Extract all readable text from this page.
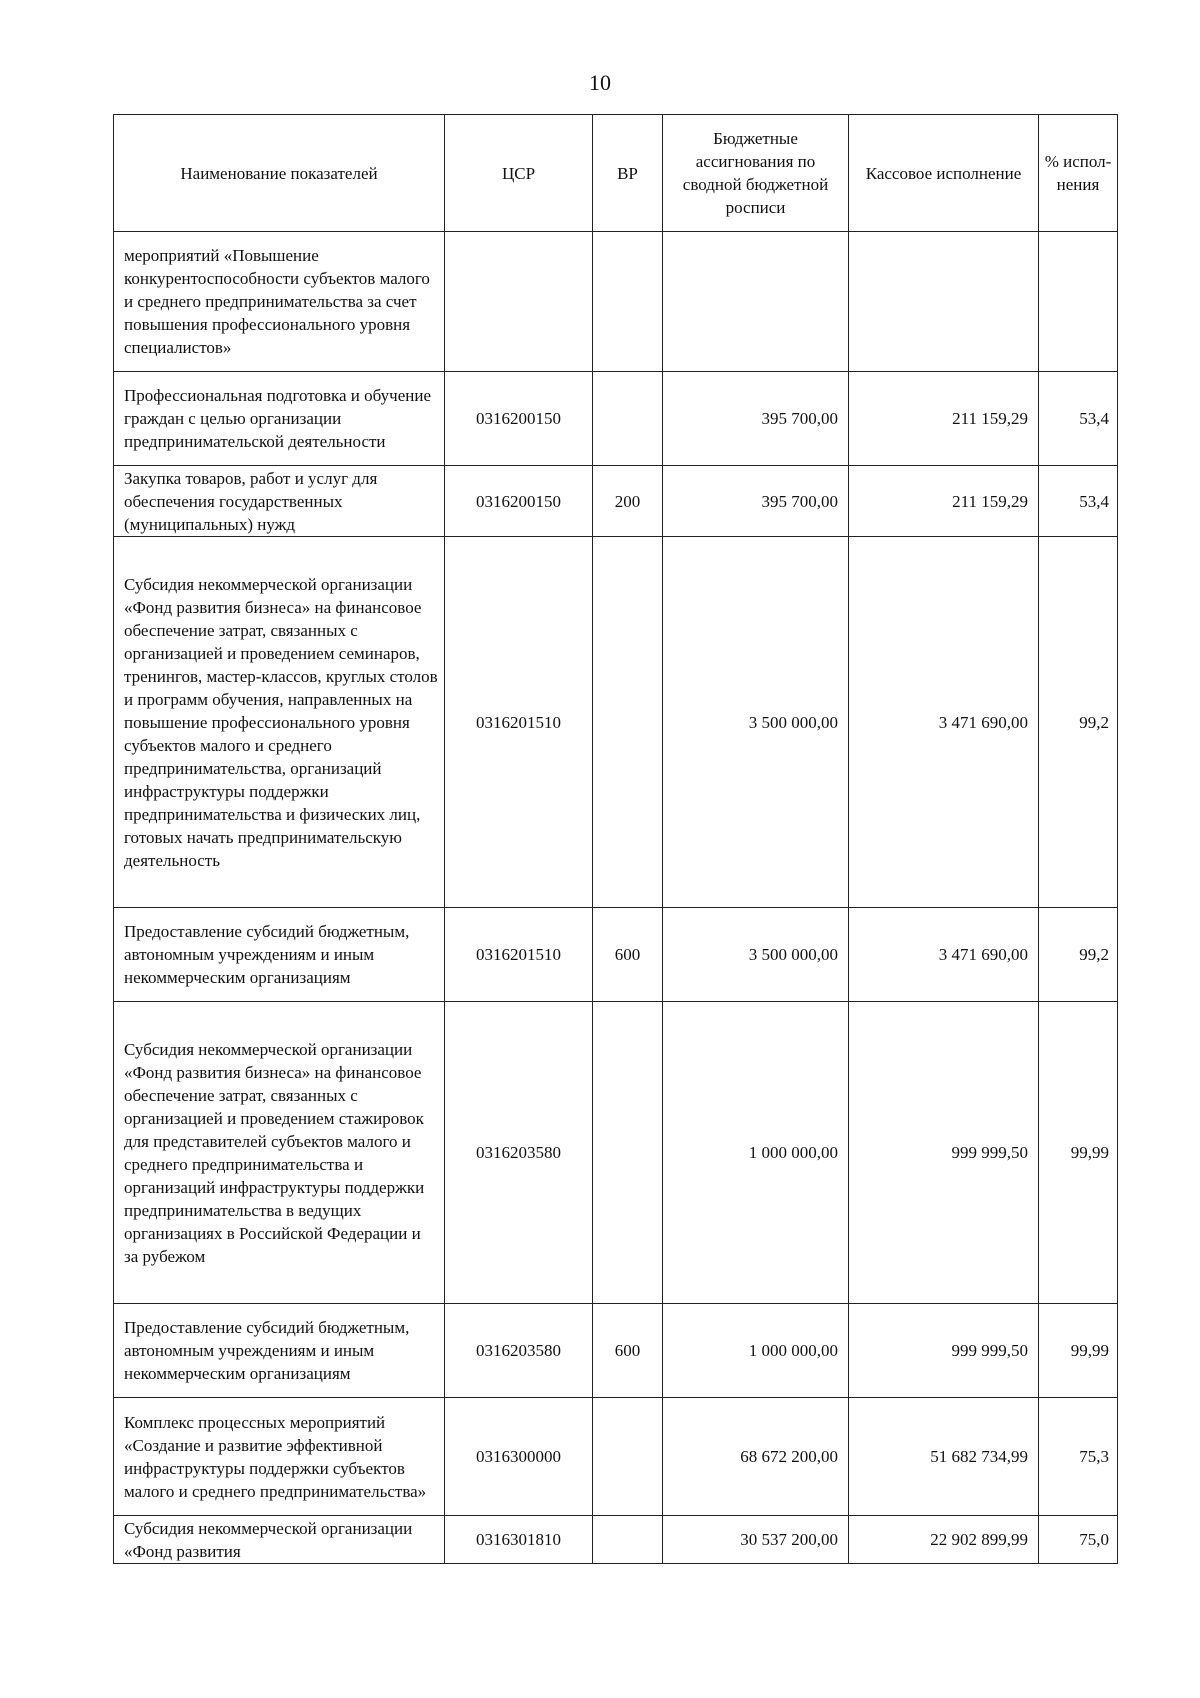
10
Наименование показателей	ЦСР	ВР	Бюджетные ассигнования по сводной бюджетной росписи	Кассовое исполнение	% испол-нения
мероприятий «Повышение конкурентоспособности субъектов малого и среднего предпринимательства за счет повышения профессионального уровня специалистов»					
Профессиональная подготовка и обучение граждан с целью организации предпринимательской деятельности	0316200150		395 700,00	211 159,29	53,4
Закупка товаров, работ и услуг для обеспечения государственных (муниципальных) нужд	0316200150	200	395 700,00	211 159,29	53,4
Субсидия некоммерческой организации «Фонд развития бизнеса» на финансовое обеспечение затрат, связанных с организацией и проведением семинаров, тренингов, мастер-классов, круглых столов и программ обучения, направленных на повышение профессионального уровня субъектов малого и среднего предпринимательства, организаций инфраструктуры поддержки предпринимательства и физических лиц, готовых начать предпринимательскую деятельность	0316201510		3 500 000,00	3 471 690,00	99,2
Предоставление субсидий бюджетным, автономным учреждениям и иным некоммерческим организациям	0316201510	600	3 500 000,00	3 471 690,00	99,2
Субсидия некоммерческой организации «Фонд развития бизнеса» на финансовое обеспечение затрат, связанных с организацией и проведением стажировок для представителей субъектов малого и среднего предпринимательства и организаций инфраструктуры поддержки предпринимательства в ведущих организациях в Российской Федерации и за рубежом	0316203580		1 000 000,00	999 999,50	99,99
Предоставление субсидий бюджетным, автономным учреждениям и иным некоммерческим организациям	0316203580	600	1 000 000,00	999 999,50	99,99
Комплекс процессных мероприятий «Создание и развитие эффективной инфраструктуры поддержки субъектов малого и среднего предпринимательства»	0316300000		68 672 200,00	51 682 734,99	75,3
Субсидия некоммерческой организации «Фонд развития	0316301810		30 537 200,00	22 902 899,99	75,0
